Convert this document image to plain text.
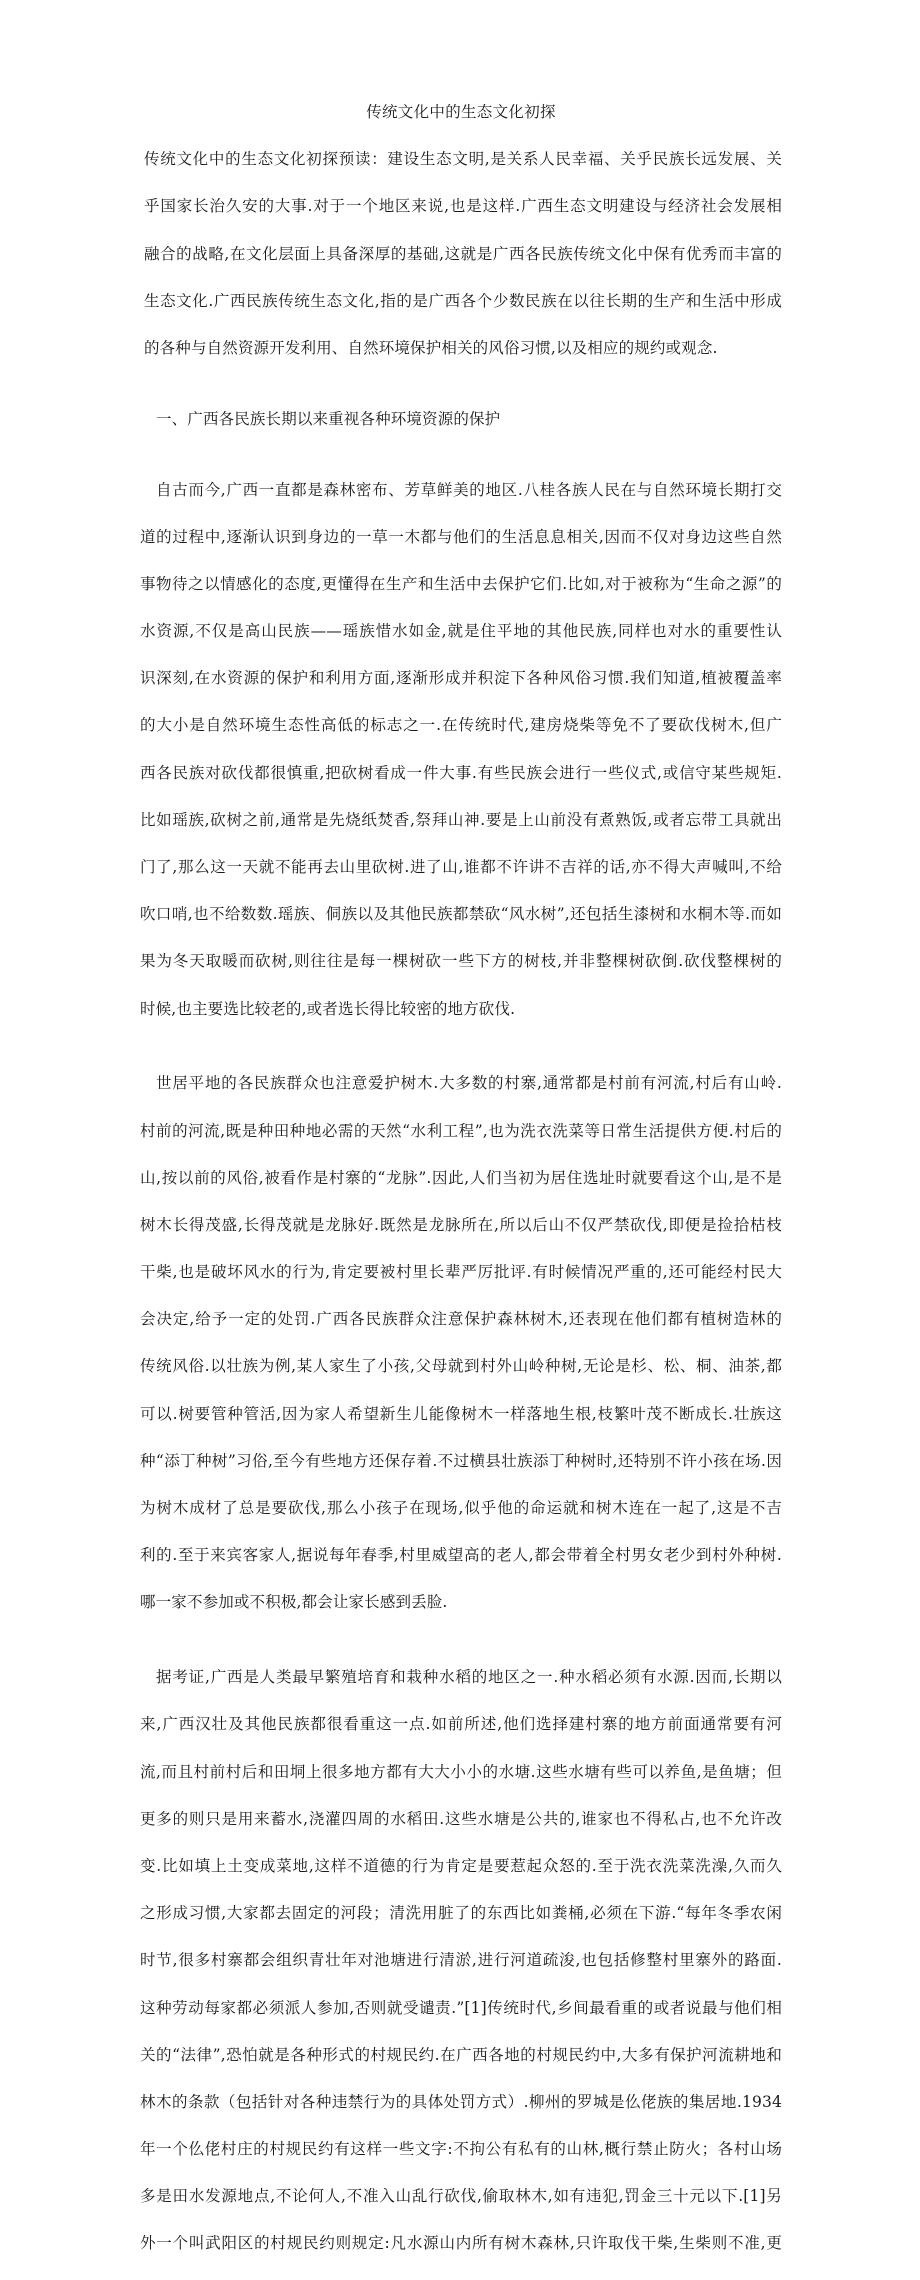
传统文化中的生态文化初探

传统文化中的生态文化初探预读：建设生态文明,是关系人民幸福、关乎民族长远发展、关

乎国家长治久安的大事.对于一个地区来说,也是这样.广西生态文明建设与经济社会发展相

融合的战略,在文化层面上具备深厚的基础,这就是广西各民族传统文化中保有优秀而丰富的

生态文化.广西民族传统生态文化,指的是广西各个少数民族在以往长期的生产和生活中形成

的各种与自然资源开发利用、自然环境保护相关的风俗习惯,以及相应的规约或观念.

一、广西各民族长期以来重视各种环境资源的保护

自古而今,广西一直都是森林密布、芳草鲜美的地区.八桂各族人民在与自然环境长期打交

道的过程中,逐渐认识到身边的一草一木都与他们的生活息息相关,因而不仅对身边这些自然

事物待之以情感化的态度,更懂得在生产和生活中去保护它们.比如,对于被称为“生命之源”的

水资源,不仅是高山民族——瑶族惜水如金,就是住平地的其他民族,同样也对水的重要性认

识深刻,在水资源的保护和利用方面,逐渐形成并积淀下各种风俗习惯.我们知道,植被覆盖率

的大小是自然环境生态性高低的标志之一.在传统时代,建房烧柴等免不了要砍伐树木,但广

西各民族对砍伐都很慎重,把砍树看成一件大事.有些民族会进行一些仪式,或信守某些规矩.

比如瑶族,砍树之前,通常是先烧纸焚香,祭拜山神.要是上山前没有煮熟饭,或者忘带工具就出

门了,那么这一天就不能再去山里砍树.进了山,谁都不许讲不吉祥的话,亦不得大声喊叫,不给

吹口哨,也不给数数.瑶族、侗族以及其他民族都禁砍“风水树”,还包括生漆树和水桐木等.而如

果为冬天取暖而砍树,则往往是每一棵树砍一些下方的树枝,并非整棵树砍倒.砍伐整棵树的

时候,也主要选比较老的,或者选长得比较密的地方砍伐.

世居平地的各民族群众也注意爱护树木.大多数的村寨,通常都是村前有河流,村后有山岭.

村前的河流,既是种田种地必需的天然“水利工程”,也为洗衣洗菜等日常生活提供方便.村后的

山,按以前的风俗,被看作是村寨的“龙脉”.因此,人们当初为居住选址时就要看这个山,是不是

树木长得茂盛,长得茂就是龙脉好.既然是龙脉所在,所以后山不仅严禁砍伐,即便是捡拾枯枝

干柴,也是破坏风水的行为,肯定要被村里长辈严厉批评.有时候情况严重的,还可能经村民大

会决定,给予一定的处罚.广西各民族群众注意保护森林树木,还表现在他们都有植树造林的

传统风俗.以壮族为例,某人家生了小孩,父母就到村外山岭种树,无论是杉、松、桐、油茶,都

可以.树要管种管活,因为家人希望新生儿能像树木一样落地生根,枝繁叶茂不断成长.壮族这

种“添丁种树”习俗,至今有些地方还保存着.不过横县壮族添丁种树时,还特别不许小孩在场.因

为树木成材了总是要砍伐,那么小孩子在现场,似乎他的命运就和树木连在一起了,这是不吉

利的.至于来宾客家人,据说每年春季,村里威望高的老人,都会带着全村男女老少到村外种树.

哪一家不参加或不积极,都会让家长感到丢脸.

据考证,广西是人类最早繁殖培育和栽种水稻的地区之一.种水稻必须有水源.因而,长期以

来,广西汉壮及其他民族都很看重这一点.如前所述,他们选择建村寨的地方前面通常要有河

流,而且村前村后和田垌上很多地方都有大大小小的水塘.这些水塘有些可以养鱼,是鱼塘；但

更多的则只是用来蓄水,浇灌四周的水稻田.这些水塘是公共的,谁家也不得私占,也不允许改

变.比如填上土变成菜地,这样不道德的行为肯定是要惹起众怒的.至于洗衣洗菜洗澡,久而久

之形成习惯,大家都去固定的河段；清洗用脏了的东西比如粪桶,必须在下游.“每年冬季农闲

时节,很多村寨都会组织青壮年对池塘进行清淤,进行河道疏浚,也包括修整村里寨外的路面.

这种劳动每家都必须派人参加,否则就受谴责.”[1]传统时代,乡间最看重的或者说最与他们相

关的“法律”,恐怕就是各种形式的村规民约.在广西各地的村规民约中,大多有保护河流耕地和

林木的条款（包括针对各种违禁行为的具体处罚方式）.柳州的罗城是仫佬族的集居地.1934

年一个仫佬村庄的村规民约有这样一些文字:不拘公有私有的山林,概行禁止防火；各村山场

多是田水发源地点,不论何人,不准入山乱行砍伐,偷取林木,如有违犯,罚金三十元以下.[1]另

外一个叫武阳区的村规民约则规定:凡水源山内所有树木森林,只许取伐干柴,生柴则不准,更
